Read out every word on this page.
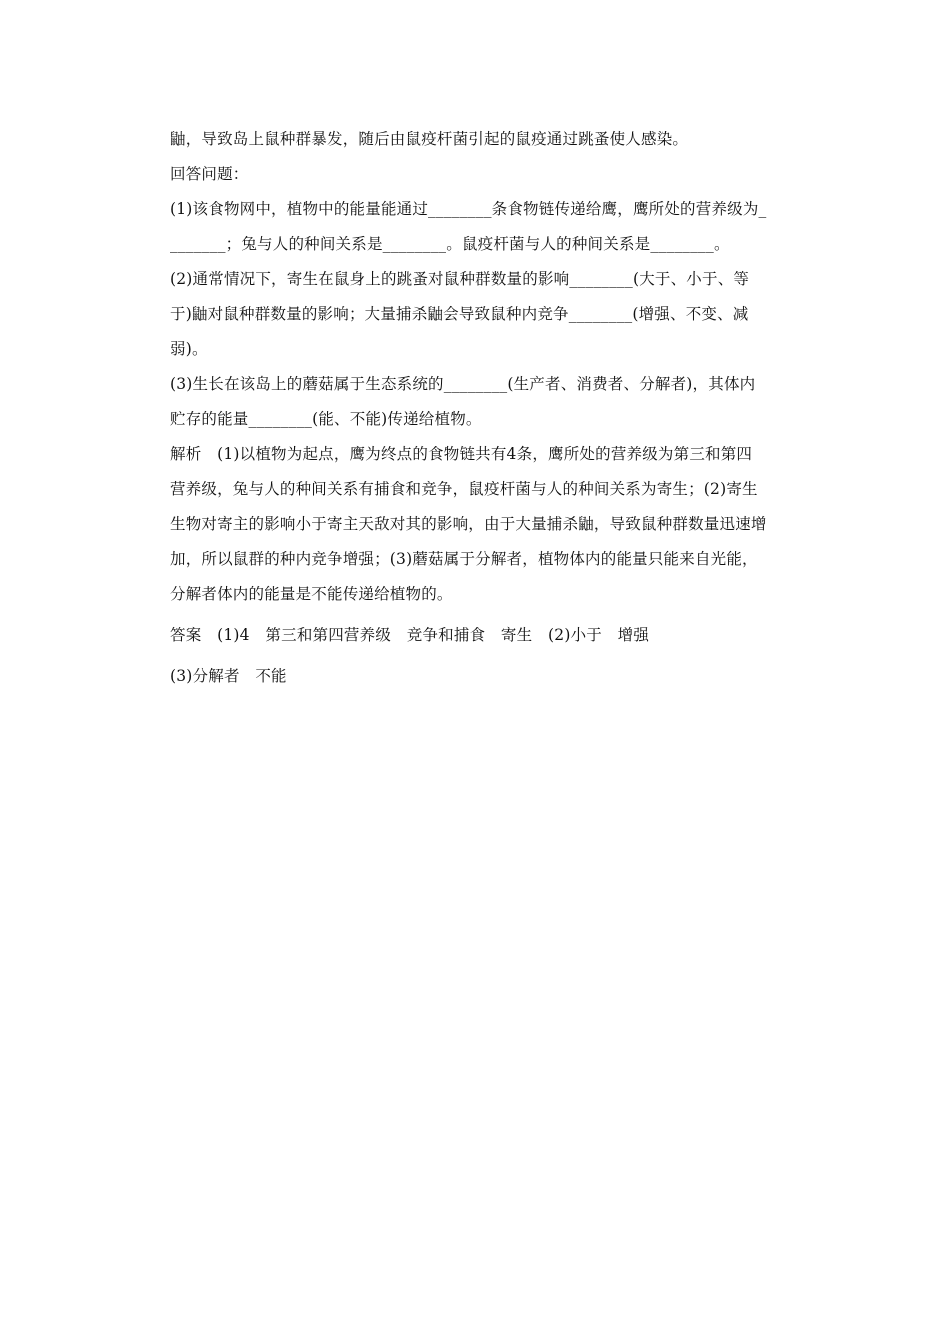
鼬，导致岛上鼠种群暴发，随后由鼠疫杆菌引起的鼠疫通过跳蚤使人感染。
回答问题：
(1)该食物网中，植物中的能量能通过________条食物链传递给鹰，鹰所处的营养级为_
_______；兔与人的种间关系是________。鼠疫杆菌与人的种间关系是________。
(2)通常情况下，寄生在鼠身上的跳蚤对鼠种群数量的影响________(大于、小于、等
于)鼬对鼠种群数量的影响；大量捕杀鼬会导致鼠种内竞争________(增强、不变、减
弱)。
(3)生长在该岛上的蘑菇属于生态系统的________(生产者、消费者、分解者)，其体内
贮存的能量________(能、不能)传递给植物。
解析　(1)以植物为起点，鹰为终点的食物链共有4条，鹰所处的营养级为第三和第四
营养级，兔与人的种间关系有捕食和竞争，鼠疫杆菌与人的种间关系为寄生；(2)寄生
生物对寄主的影响小于寄主天敌对其的影响，由于大量捕杀鼬，导致鼠种群数量迅速增
加，所以鼠群的种内竞争增强；(3)蘑菇属于分解者，植物体内的能量只能来自光能，
分解者体内的能量是不能传递给植物的。
答案　(1)4　第三和第四营养级　竞争和捕食　寄生　(2)小于　增强
(3)分解者　不能
